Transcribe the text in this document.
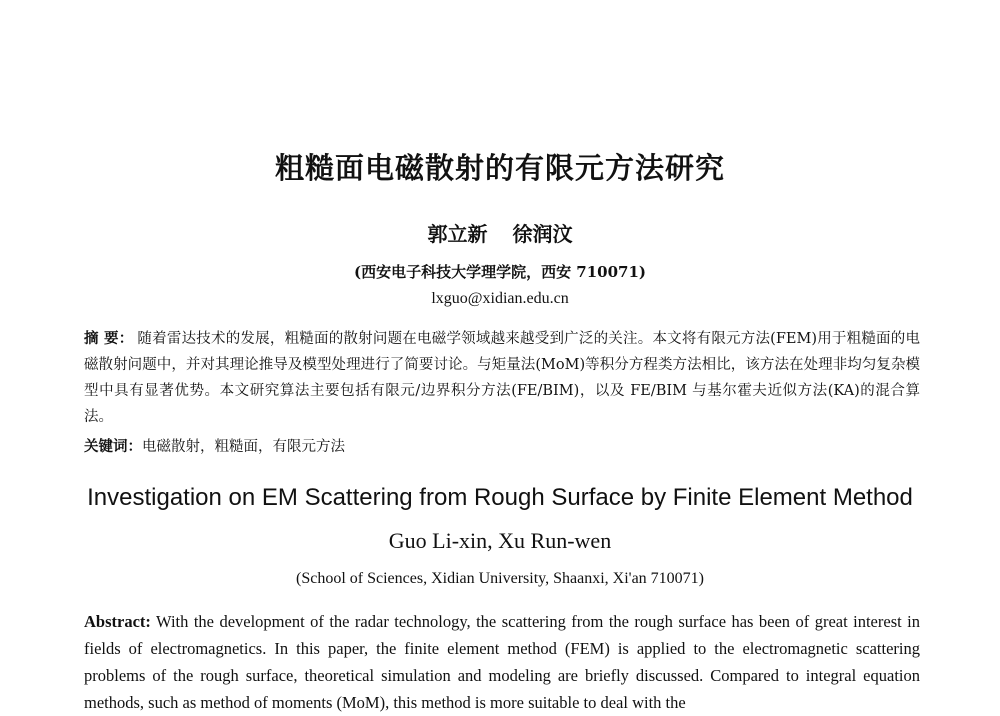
粗糙面电磁散射的有限元方法研究
郭立新 徐润汶
(西安电子科技大学理学院，西安 710071)
lxguo@xidian.edu.cn
摘 要： 随着雷达技术的发展，粗糙面的散射问题在电磁学领域越来越受到广泛的关注。本文将有限元方法(FEM)用于粗糙面的电磁散射问题中，并对其理论推导及模型处理进行了简要讨论。与矩量法(MoM)等积分方程类方法相比，该方法在处理非均匀复杂模型中具有显著优势。本文研究算法主要包括有限元/边界积分方法(FE/BIM)，以及 FE/BIM 与基尔霍夫近似方法(KA)的混合算法。
关键词：电磁散射，粗糙面，有限元方法
Investigation on EM Scattering from Rough Surface by Finite Element Method
Guo Li-xin, Xu Run-wen
(School of Sciences, Xidian University, Shaanxi, Xi'an 710071)
Abstract: With the development of the radar technology, the scattering from the rough surface has been of great interest in fields of electromagnetics. In this paper, the finite element method (FEM) is applied to the electromagnetic scattering problems of the rough surface, theoretical simulation and modeling are briefly discussed. Compared to integral equation methods, such as method of moments (MoM), this method is more suitable to deal with the
